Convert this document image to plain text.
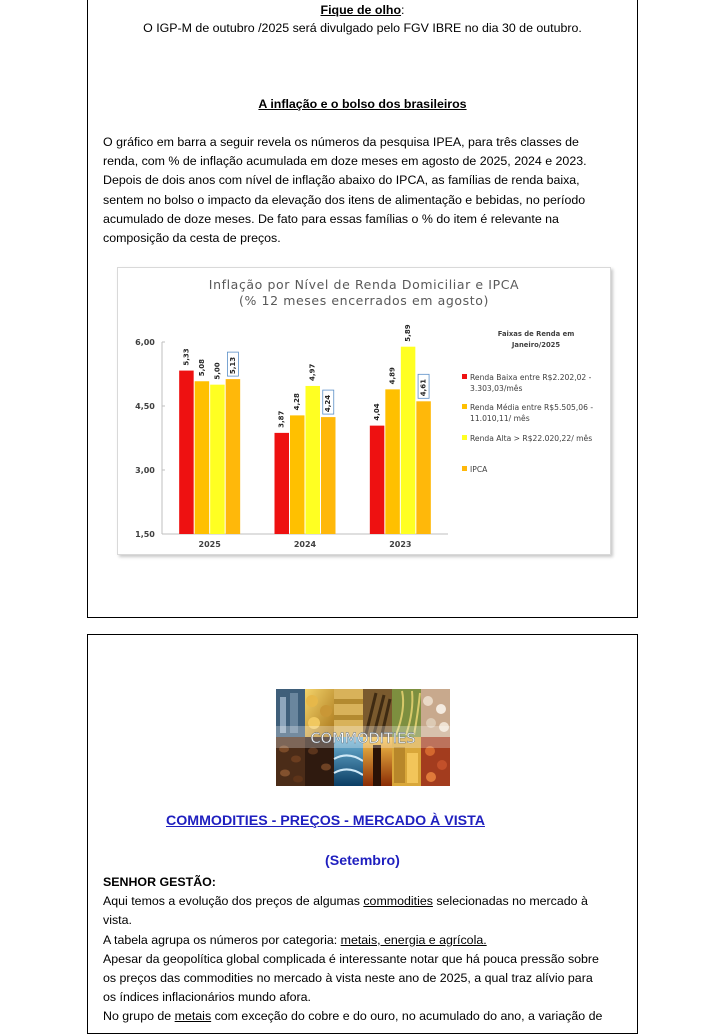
Fique de olho:
O IGP-M de outubro /2025 será divulgado pelo FGV IBRE no dia 30 de outubro.
A inflação e o bolso dos brasileiros
O gráfico em barra a seguir revela os números da pesquisa IPEA, para três classes de
renda, com % de inflação acumulada em doze meses em agosto de 2025, 2024 e 2023.
Depois de dois anos com nível de inflação abaixo do IPCA, as famílias de renda baixa,
sentem no bolso o impacto da elevação dos itens de alimentação e bebidas, no período
acumulado de doze meses. De fato para essas famílias o % do item é relevante na
composição da cesta de preços.
Inflação por Nível de Renda Domiciliar e IPCA
(% 12 meses encerrados em agosto)
1,50
3,00
4,50
6,00
5,33
5,08 5,00 5,13
2025
3,87
4,28
4,97
4,24
2024
4,04
4,89
5,89
4,61
2023
Faixas de Renda em
Janeiro/2025
Renda Baixa entre R$2.202,02 -
3.303,03/mês
Renda Média entre R$5.505,06 -
11.010,11/ mês
Renda Alta > R$22.020,22/ mês
IPCA
COMMODITIES
COMMODITIES - PREÇOS - MERCADO À VISTA
(Setembro)
SENHOR GESTÃO:
Aqui temos a evolução dos preços de algumas commodities selecionadas no mercado à
vista.
A tabela agrupa os números por categoria: metais, energia e agrícola.
Apesar da geopolítica global complicada é interessante notar que há pouca pressão sobre
os preços das commodities no mercado à vista neste ano de 2025, a qual traz alívio para
os índices inflacionários mundo afora.
No grupo de metais com exceção do cobre e do ouro, no acumulado do ano, a variação de
